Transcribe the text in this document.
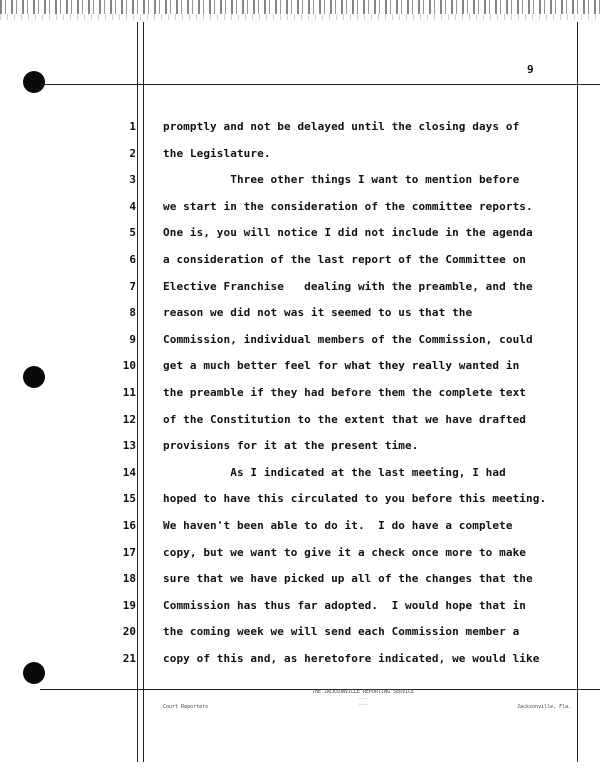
9
1
2
3
4
5
6
7
8
9
10
11
12
13
14
15
16
17
18
19
20
21
promptly and not be delayed until the closing days of
the Legislature.
Three other things I want to mention before
we start in the consideration of the committee reports.
One is, you will notice I did not include in the agenda
a consideration of the last report of the Committee on
Elective Franchise   dealing with the preamble, and the
reason we did not was it seemed to us that the
Commission, individual members of the Commission, could
get a much better feel for what they really wanted in
the preamble if they had before them the complete text
of the Constitution to the extent that we have drafted
provisions for it at the present time.
As I indicated at the last meeting, I had
hoped to have this circulated to you before this meeting.
We haven't been able to do it.  I do have a complete
copy, but we want to give it a check once more to make
sure that we have picked up all of the changes that the
Commission has thus far adopted.  I would hope that in
the coming week we will send each Commission member a
copy of this and, as heretofore indicated, we would like
Court Reporters
THE JACKSONVILLE REPORTING SERVICE
...
...	Jacksonville, Fla.
